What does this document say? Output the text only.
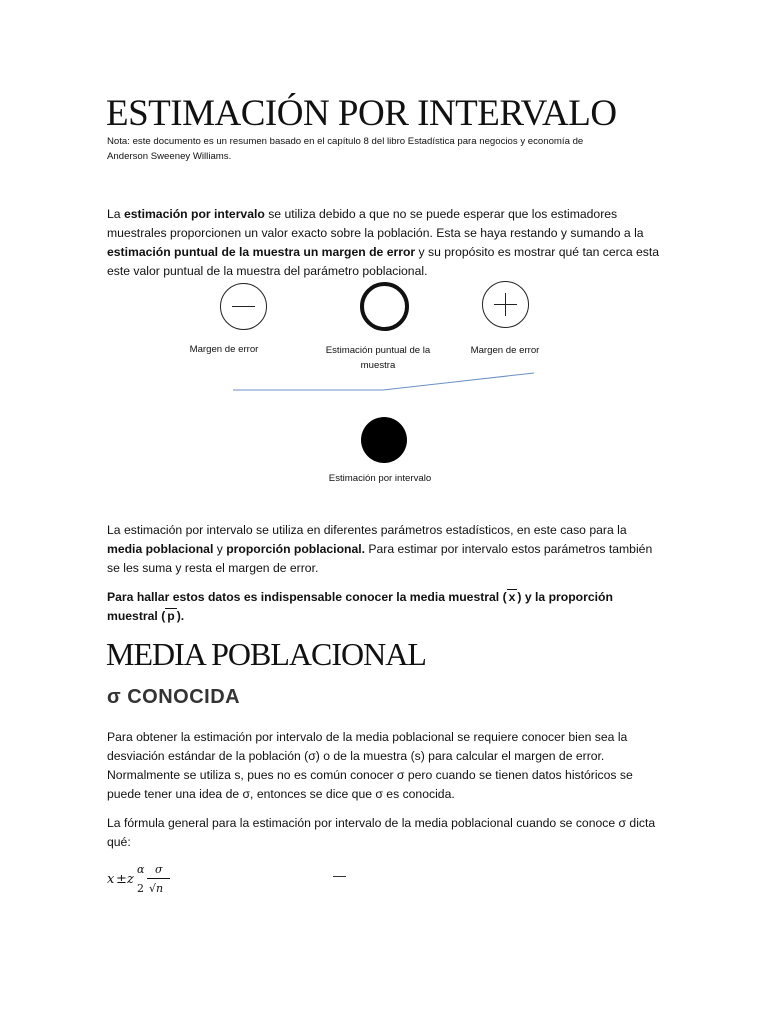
ESTIMACIÓN POR INTERVALO
Nota: este documento es un resumen basado en el capítulo 8 del libro Estadística para negocios y economía de
Anderson Sweeney Williams.
La estimación por intervalo se utiliza debido a que no se puede esperar que los estimadores muestrales proporcionen un valor exacto sobre la población. Esta se haya restando y sumando a la estimación puntual de la muestra un margen de error y su propósito es mostrar qué tan cerca esta este valor puntual de la muestra del parámetro poblacional.
Margen de error	Estimación puntual de la muestra
Margen de error
Estimación por intervalo
La estimación por intervalo se utiliza en diferentes parámetros estadísticos, en este caso para la media poblacional y proporción poblacional. Para estimar por intervalo estos parámetros también se les suma y resta el margen de error.
Para hallar estos datos es indispensable conocer la media muestral ( x ) y la proporción muestral ( p ).
MEDIA POBLACIONAL
σ CONOCIDA
Para obtener la estimación por intervalo de la media poblacional se requiere conocer bien sea la desviación estándar de la población (σ) o de la muestra (s) para calcular el margen de error. Normalmente se utiliza s, pues no es común conocer σ pero cuando se tienen datos históricos se puede tener una idea de σ, entonces se dice que σ es conocida.
La fórmula general para la estimación por intervalo de la media poblacional cuando se conoce σ dicta qué:
x ± z
α
2
σ
√n
—
